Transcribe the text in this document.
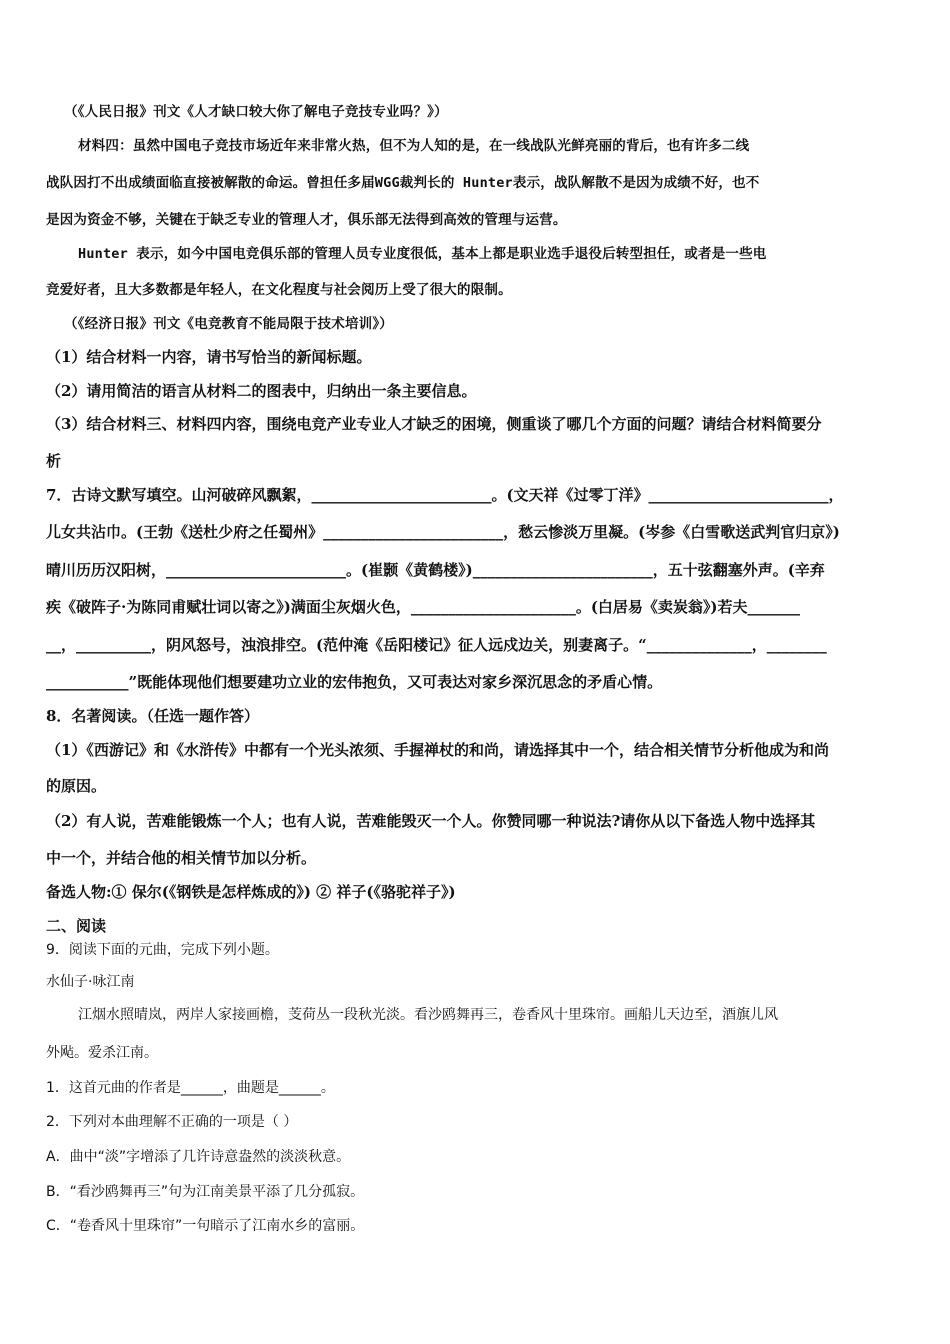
（《人民日报》刊文《人才缺口较大你了解电子竞技专业吗？》）
材料四：虽然中国电子竞技市场近年来非常火热，但不为人知的是，在一线战队光鲜亮丽的背后，也有许多二线
战队因打不出成绩面临直接被解散的命运。曾担任多届WGG裁判长的 Hunter表示，战队解散不是因为成绩不好，也不
是因为资金不够，关键在于缺乏专业的管理人才，俱乐部无法得到高效的管理与运营。
Hunter 表示，如今中国电竞俱乐部的管理人员专业度很低，基本上都是职业选手退役后转型担任，或者是一些电
竞爱好者，且大多数都是年轻人，在文化程度与社会阅历上受了很大的限制。
（《经济日报》刊文《电竞教育不能局限于技术培训》）
（1）结合材料一内容，请书写恰当的新闻标题。
（2）请用简洁的语言从材料二的图表中，归纳出一条主要信息。
（3）结合材料三、材料四内容，围绕电竞产业专业人才缺乏的困境，侧重谈了哪几个方面的问题？请结合材料简要分
析
7．古诗文默写填空。山河破碎风飘絮，________________________。(文天祥《过零丁洋》________________________，
儿女共沾巾。(王勃《送杜少府之任蜀州》________________________，愁云惨淡万里凝。(岑参《白雪歌送武判官归京》)
晴川历历汉阳树，________________________。(崔颢《黄鹤楼》)________________________，五十弦翻塞外声。(辛弃
疾《破阵子·为陈同甫赋壮词以寄之》)满面尘灰烟火色，______________________。(白居易《卖炭翁》)若夫_______
__，__________，阴风怒号，浊浪排空。(范仲淹《岳阳楼记》征人远戍边关，别妻离子。“______________，________
___________”既能体现他们想要建功立业的宏伟抱负，又可表达对家乡深沉思念的矛盾心情。
8．名著阅读。（任选一题作答）
（1）《西游记》和《水浒传》中都有一个光头浓须、手握禅杖的和尚，请选择其中一个，结合相关情节分析他成为和尚
的原因。
（2）有人说，苦难能锻炼一个人；也有人说，苦难能毁灭一个人。你赞同哪一种说法?请你从以下备选人物中选择其
中一个，并结合他的相关情节加以分析。
备选人物:① 保尔(《钢铁是怎样炼成的》) ② 祥子(《骆驼祥子》)
二、阅读
9．阅读下面的元曲，完成下列小题。
水仙子·咏江南
江烟水照晴岚，两岸人家接画檐，芰荷丛一段秋光淡。看沙鸥舞再三，卷香风十里珠帘。画船儿天边至，酒旗儿风
外飐。爱杀江南。
1．这首元曲的作者是______，曲题是______。
2．下列对本曲理解不正确的一项是（ ）
A．曲中“淡”字增添了几许诗意盎然的淡淡秋意。
B．“看沙鸥舞再三”句为江南美景平添了几分孤寂。
C．“卷香风十里珠帘”一句暗示了江南水乡的富丽。
